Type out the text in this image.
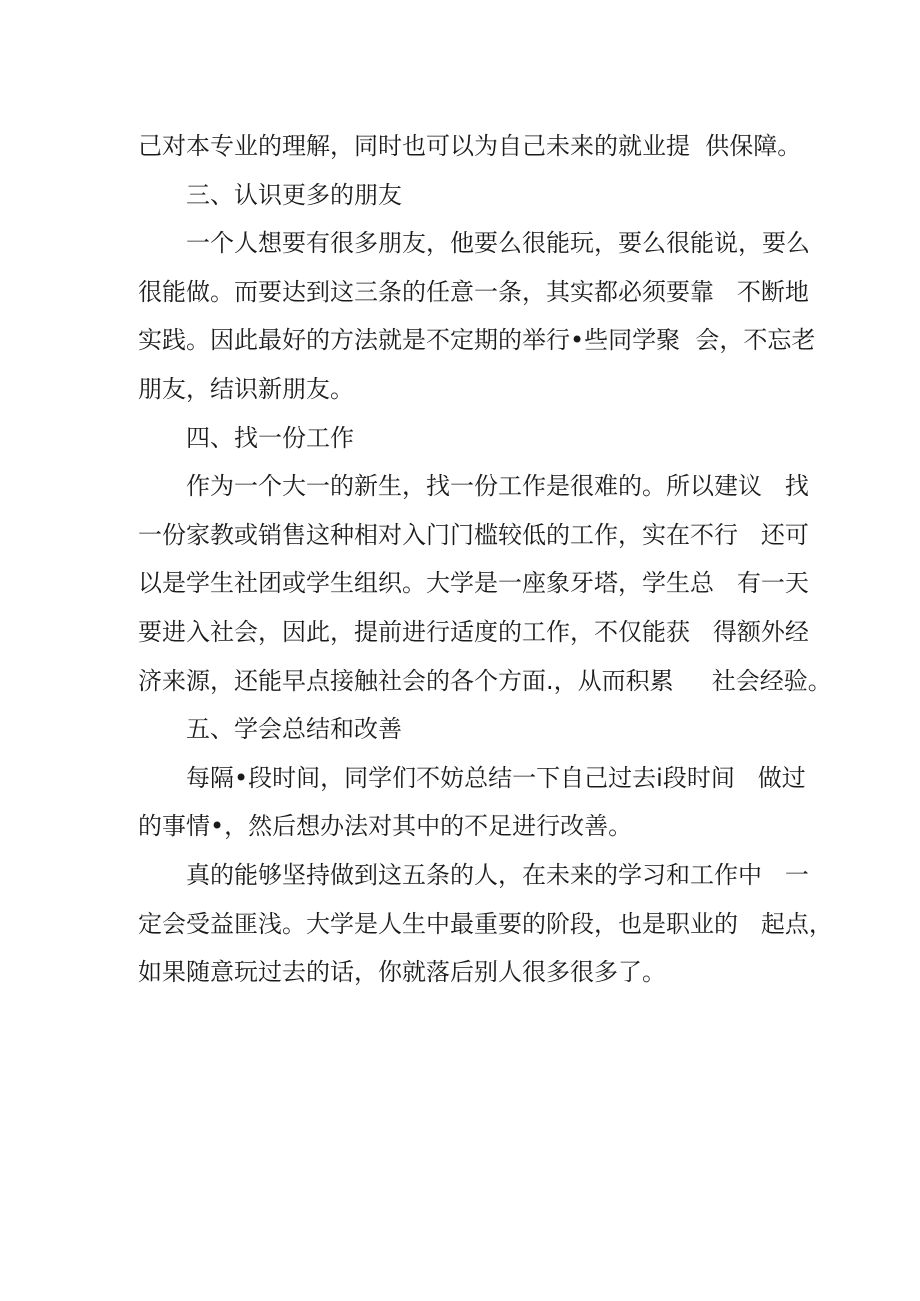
己对本专业的理解，同时也可以为自己未来的就业提  供保障。
三、认识更多的朋友
一个人想要有很多朋友，他要么很能玩，要么很能说，要么
很能做。而要达到这三条的任意一条，其实都必须要靠   不断地
实践。因此最好的方法就是不定期的举行•些同学聚  会，不忘老
朋友，结识新朋友。
四、找一份工作
作为一个大一的新生，找一份工作是很难的。所以建议   找
一份家教或销售这种相对入门门槛较低的工作，实在不行   还可
以是学生社团或学生组织。大学是一座象牙塔，学生总   有一天
要进入社会，因此，提前进行适度的工作，不仅能获   得额外经
济来源，还能早点接触社会的各个方面.，从而积累     社会经验。
五、学会总结和改善
每隔•段时间，同学们不妨总结一下自己过去i段时间   做过
的事情•，然后想办法对其中的不足进行改善。
真的能够坚持做到这五条的人，在未来的学习和工作中   一
定会受益匪浅。大学是人生中最重要的阶段，也是职业的   起点，
如果随意玩过去的话，你就落后别人很多很多了。
